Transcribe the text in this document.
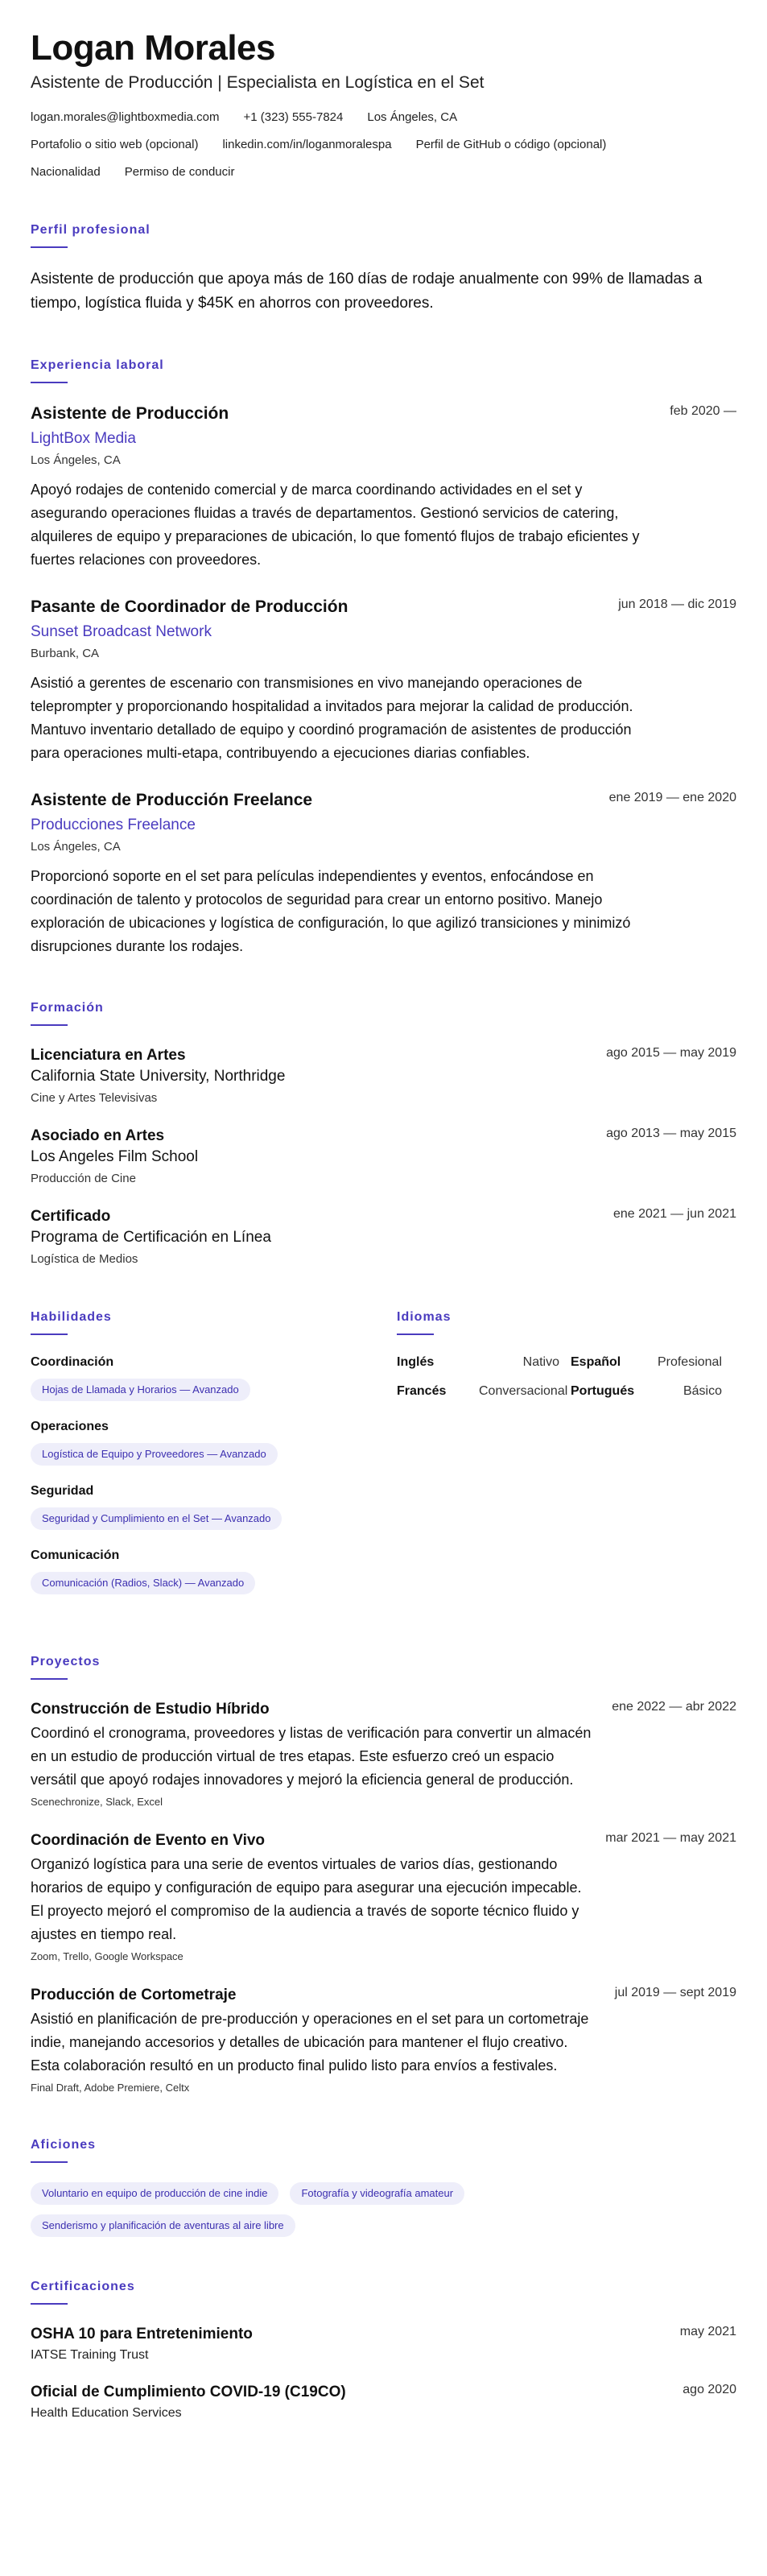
Logan Morales
Asistente de Producción | Especialista en Logística en el Set
logan.morales@lightboxmedia.com +1 (323) 555-7824 Los Ángeles, CA
Portafolio o sitio web (opcional) linkedin.com/in/loganmoralespa Perfil de GitHub o código (opcional)
Nacionalidad Permiso de conducir
Perfil profesional

Asistente de producción que apoya más de 160 días de rodaje anualmente con 99% de llamadas a tiempo, logística fluida y $45K en ahorros con proveedores.

Experiencia laboral
Asistente de Producción	feb 2020 —
LightBox Media
Los Ángeles, CA

Apoyó rodajes de contenido comercial y de marca coordinando actividades en el set y asegurando operaciones fluidas a través de departamentos. Gestionó servicios de catering, alquileres de equipo y preparaciones de ubicación, lo que fomentó flujos de trabajo eficientes y fuertes relaciones con proveedores.

Pasante de Coordinador de Producción	jun 2018 — dic 2019
Sunset Broadcast Network
Burbank, CA

Asistió a gerentes de escenario con transmisiones en vivo manejando operaciones de teleprompter y proporcionando hospitalidad a invitados para mejorar la calidad de producción. Mantuvo inventario detallado de equipo y coordinó programación de asistentes de producción para operaciones multi-etapa, contribuyendo a ejecuciones diarias confiables.

Asistente de Producción Freelance	ene 2019 — ene 2020
Producciones Freelance
Los Ángeles, CA

Proporcionó soporte en el set para películas independientes y eventos, enfocándose en coordinación de talento y protocolos de seguridad para crear un entorno positivo. Manejo exploración de ubicaciones y logística de configuración, lo que agilizó transiciones y minimizó disrupciones durante los rodajes.

Formación
Licenciatura en Artes	ago 2015 — may 2019
California State University, Northridge
Cine y Artes Televisivas
Asociado en Artes	ago 2013 — may 2015
Los Angeles Film School
Producción de Cine
Certificado	ene 2021 — jun 2021
Programa de Certificación en Línea
Logística de Medios
Habilidades
Coordinación
Hojas de Llamada y Horarios — Avanzado
Operaciones
Logística de Equipo y Proveedores — Avanzado
Seguridad
Seguridad y Cumplimiento en el Set — Avanzado
Comunicación
Comunicación (Radios, Slack) — Avanzado
Idiomas
Inglés	Nativo Español	Profesional
Francés	Conversacional Portugués	Básico
Proyectos
Construcción de Estudio Híbrido	ene 2022 — abr 2022

Coordinó el cronograma, proveedores y listas de verificación para convertir un almacén en un estudio de producción virtual de tres etapas. Este esfuerzo creó un espacio versátil que apoyó rodajes innovadores y mejoró la eficiencia general de producción.

Scenechronize, Slack, Excel
Coordinación de Evento en Vivo	mar 2021 — may 2021

Organizó logística para una serie de eventos virtuales de varios días, gestionando horarios de equipo y configuración de equipo para asegurar una ejecución impecable. El proyecto mejoró el compromiso de la audiencia a través de soporte técnico fluido y ajustes en tiempo real.

Zoom, Trello, Google Workspace
Producción de Cortometraje	jul 2019 — sept 2019

Asistió en planificación de pre-producción y operaciones en el set para un cortometraje indie, manejando accesorios y detalles de ubicación para mantener el flujo creativo. Esta colaboración resultó en un producto final pulido listo para envíos a festivales.

Final Draft, Adobe Premiere, Celtx
Aficiones
Voluntario en equipo de producción de cine indie	Fotografía y videografía amateur
Senderismo y planificación de aventuras al aire libre
Certificaciones
OSHA 10 para Entretenimiento	may 2021
IATSE Training Trust
Oficial de Cumplimiento COVID-19 (C19CO)	ago 2020
Health Education Services
